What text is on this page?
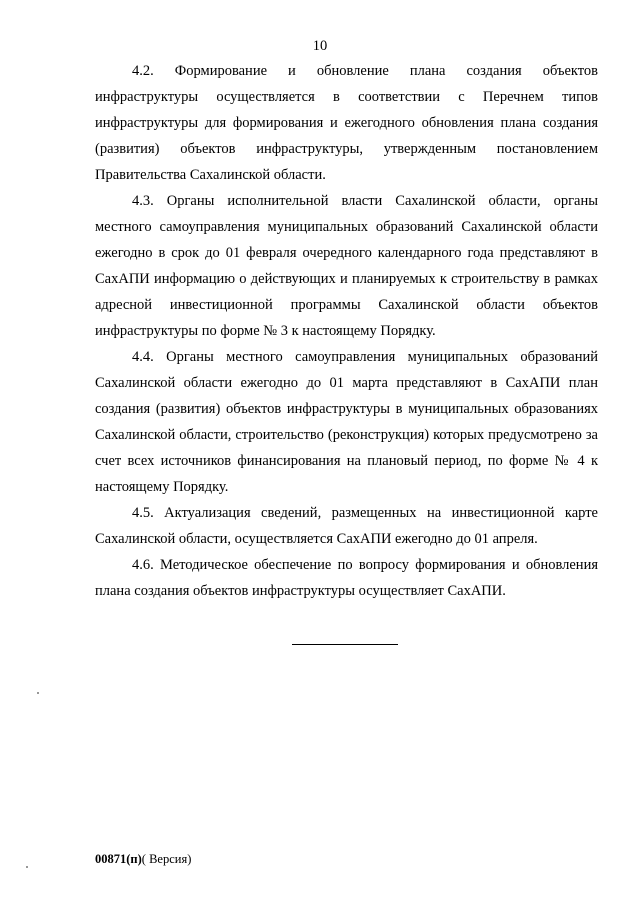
10

4.2. Формирование и обновление плана создания объектов инфраструктуры осуществляется в соответствии с Перечнем типов инфраструктуры для формирования и ежегодного обновления плана создания (развития) объектов инфраструктуры, утвержденным постановлением Правительства Сахалинской области.

4.3. Органы исполнительной власти Сахалинской области, органы местного самоуправления муниципальных образований Сахалинской области ежегодно в срок до 01 февраля очередного календарного года представляют в СахАПИ информацию о действующих и планируемых к строительству в рамках адресной инвестиционной программы Сахалинской области объектов инфраструктуры по форме № 3 к настоящему Порядку.

4.4. Органы местного самоуправления муниципальных образований Сахалинской области ежегодно до 01 марта представляют в СахАПИ план создания (развития) объектов инфраструктуры в муниципальных образованиях Сахалинской области, строительство (реконструкция) которых предусмотрено за счет всех источников финансирования на плановый период, по форме № 4 к настоящему Порядку.

4.5. Актуализация сведений, размещенных на инвестиционной карте Сахалинской области, осуществляется СахАПИ ежегодно до 01 апреля.

4.6. Методическое обеспечение по вопросу формирования и обновления плана создания объектов инфраструктуры осуществляет СахАПИ.

00871(п)( Версия)
